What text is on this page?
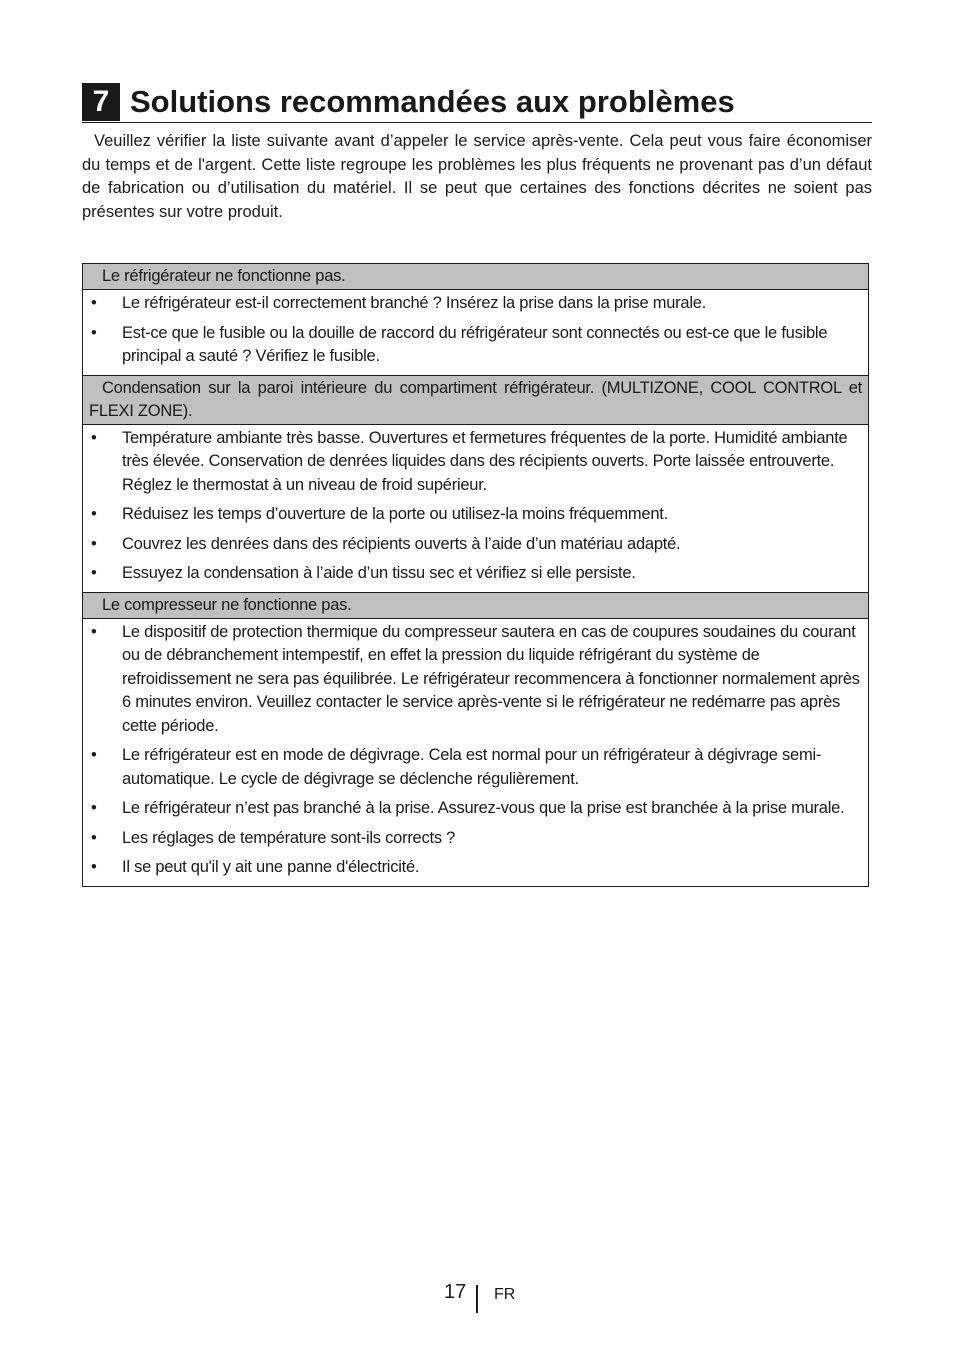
7 Solutions recommandées aux problèmes

Veuillez vérifier la liste suivante avant d’appeler le service après-vente. Cela peut vous faire économiser du temps et de l'argent. Cette liste regroupe les problèmes les plus fréquents ne provenant pas d’un défaut de fabrication ou d’utilisation du matériel. Il se peut que certaines des fonctions décrites ne soient pas présentes sur votre produit.

Le réfrigérateur ne fonctionne pas.

• Le réfrigérateur est-il correctement branché ? Insérez la prise dans la prise murale.
• Est-ce que le fusible ou la douille de raccord du réfrigérateur sont connectés ou est-ce que le fusible principal a sauté ? Vérifiez le fusible.

Condensation sur la paroi intérieure du compartiment réfrigérateur. (MULTIZONE, COOL CONTROL et FLEXI ZONE).

• Température ambiante très basse. Ouvertures et fermetures fréquentes de la porte. Humidité ambiante très élevée. Conservation de denrées liquides dans des récipients ouverts. Porte laissée entrouverte. Réglez le thermostat à un niveau de froid supérieur.
• Réduisez les temps d’ouverture de la porte ou utilisez-la moins fréquemment.
• Couvrez les denrées dans des récipients ouverts à l’aide d’un matériau adapté.
• Essuyez la condensation à l’aide d’un tissu sec et vérifiez si elle persiste.

Le compresseur ne fonctionne pas.

• Le dispositif de protection thermique du compresseur sautera en cas de coupures soudaines du courant ou de débranchement intempestif, en effet la pression du liquide réfrigérant du système de refroidissement ne sera pas équilibrée. Le réfrigérateur recommencera à fonctionner normalement après 6 minutes environ. Veuillez contacter le service après-vente si le réfrigérateur ne redémarre pas après cette période.
• Le réfrigérateur est en mode de dégivrage. Cela est normal pour un réfrigérateur à dégivrage semi-automatique. Le cycle de dégivrage se déclenche régulièrement.
• Le réfrigérateur n’est pas branché à la prise. Assurez-vous que la prise est branchée à la prise murale.
• Les réglages de température sont-ils corrects ?
• Il se peut qu'il y ait une panne d'électricité.
17 FR
